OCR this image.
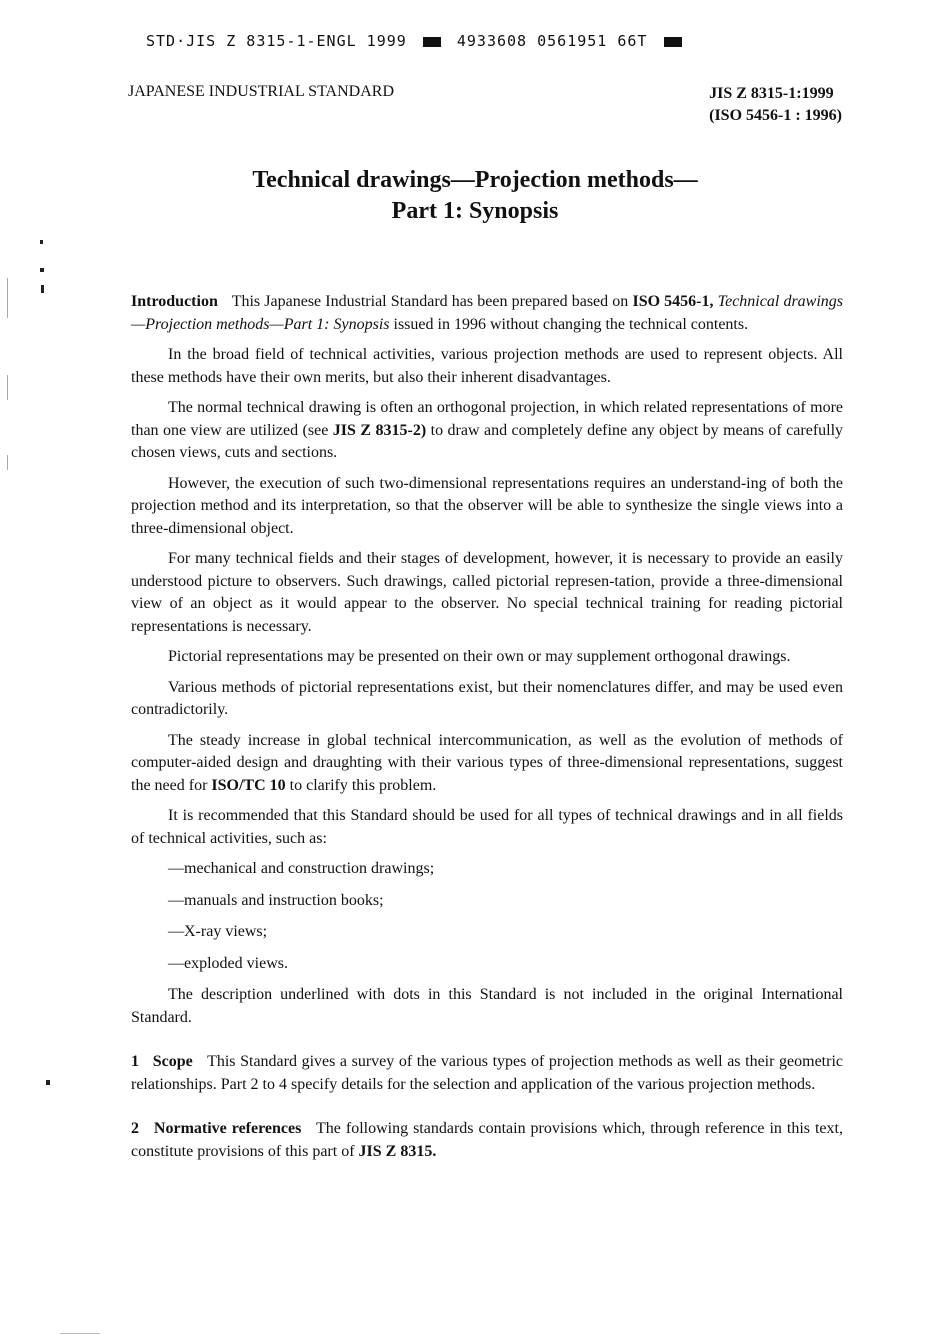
STD·JIS Z 8315-1-ENGL 1999	4933608 0561951 66T
JAPANESE INDUSTRIAL STANDARD	JIS Z 8315-1:1999
(ISO 5456-1 : 1996)
Technical drawings—Projection methods—
Part 1: Synopsis

Introduction This Japanese Industrial Standard has been prepared based on ISO 5456-1, Technical drawings—Projection methods—Part 1: Synopsis issued in 1996 without changing the technical contents.

In the broad field of technical activities, various projection methods are used to represent objects. All these methods have their own merits, but also their inherent disadvantages.

The normal technical drawing is often an orthogonal projection, in which related representations of more than one view are utilized (see JIS Z 8315-2) to draw and completely define any object by means of carefully chosen views, cuts and sections.

However, the execution of such two-dimensional representations requires an understand-ing of both the projection method and its interpretation, so that the observer will be able to synthesize the single views into a three-dimensional object.

For many technical fields and their stages of development, however, it is necessary to provide an easily understood picture to observers. Such drawings, called pictorial represen-tation, provide a three-dimensional view of an object as it would appear to the observer. No special technical training for reading pictorial representations is necessary.

Pictorial representations may be presented on their own or may supplement orthogonal drawings.

Various methods of pictorial representations exist, but their nomenclatures differ, and may be used even contradictorily.

The steady increase in global technical intercommunication, as well as the evolution of methods of computer-aided design and draughting with their various types of three-dimensional representations, suggest the need for ISO/TC 10 to clarify this problem.

It is recommended that this Standard should be used for all types of technical drawings and in all fields of technical activities, such as:

—mechanical and construction drawings;
—manuals and instruction books;
—X-ray views;
—exploded views.

The description underlined with dots in this Standard is not included in the original International Standard.

1 Scope This Standard gives a survey of the various types of projection methods as well as their geometric relationships. Part 2 to 4 specify details for the selection and application of the various projection methods.

2 Normative references The following standards contain provisions which, through reference in this text, constitute provisions of this part of JIS Z 8315.
